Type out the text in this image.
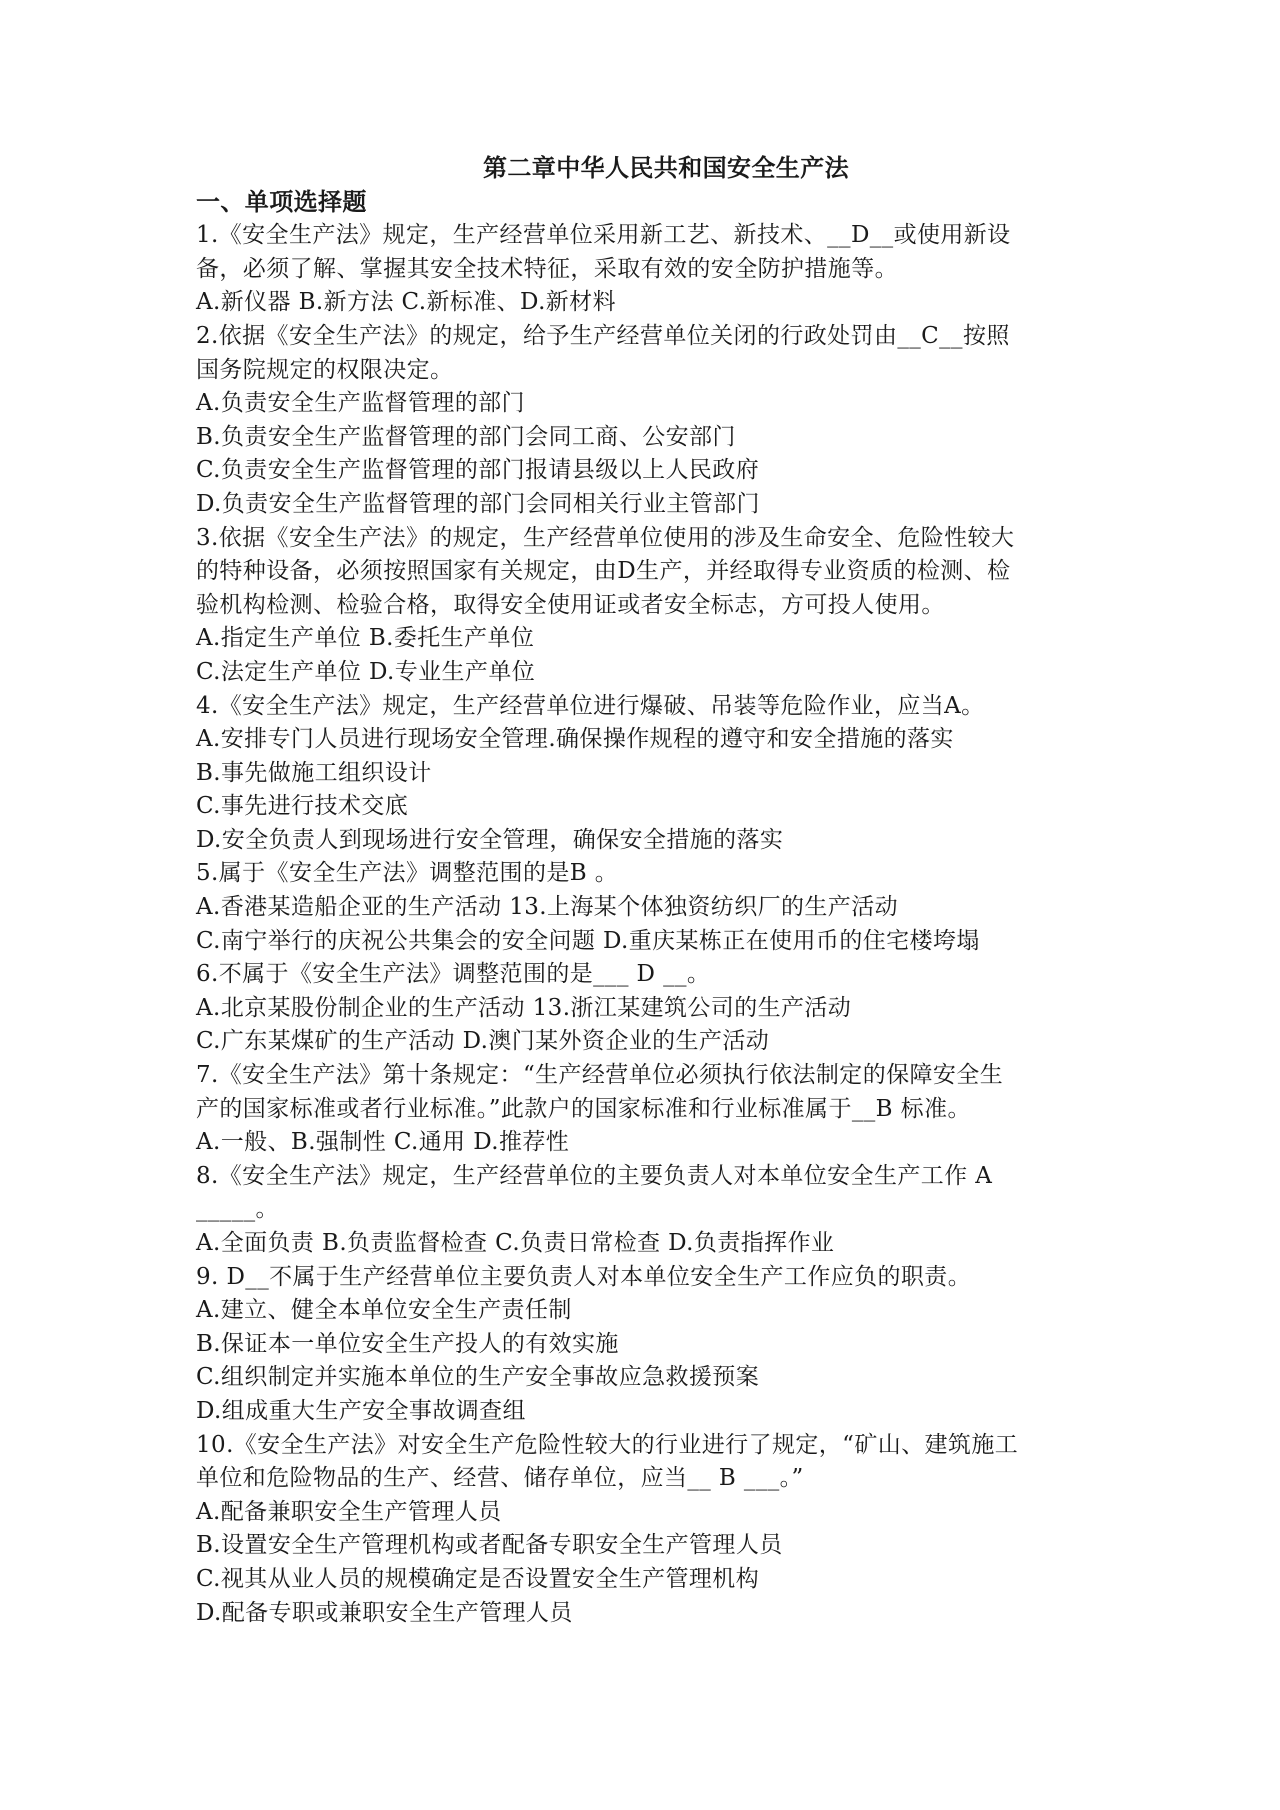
第二章中华人民共和国安全生产法

一、单项选择题

1.《安全生产法》规定，生产经营单位采用新工艺、新技术、__D__或使用新设

备，必须了解、掌握其安全技术特征，采取有效的安全防护措施等。

A.新仪器 B.新方法 C.新标准、D.新材料

2.依据《安全生产法》的规定，给予生产经营单位关闭的行政处罚由__C__按照

国务院规定的权限决定。

A.负责安全生产监督管理的部门

B.负责安全生产监督管理的部门会同工商、公安部门

C.负责安全生产监督管理的部门报请县级以上人民政府

D.负责安全生产监督管理的部门会同相关行业主管部门

3.依据《安全生产法》的规定，生产经营单位使用的涉及生命安全、危险性较大

的特种设备，必须按照国家有关规定，由D生产，并经取得专业资质的检测、检

验机构检测、检验合格，取得安全使用证或者安全标志，方可投人使用。

A.指定生产单位 B.委托生产单位

C.法定生产单位 D.专业生产单位

4.《安全生产法》规定，生产经营单位进行爆破、吊装等危险作业，应当A。

A.安排专门人员进行现场安全管理.确保操作规程的遵守和安全措施的落实

B.事先做施工组织设计

C.事先进行技术交底

D.安全负责人到现场进行安全管理，确保安全措施的落实

5.属于《安全生产法》调整范围的是B 。

A.香港某造船企亚的生产活动 13.上海某个体独资纺织厂的生产活动

C.南宁举行的庆祝公共集会的安全问题 D.重庆某栋正在使用币的住宅楼垮塌

6.不属于《安全生产法》调整范围的是___ D __。

A.北京某股份制企业的生产活动 13.浙江某建筑公司的生产活动

C.广东某煤矿的生产活动 D.澳门某外资企业的生产活动

7.《安全生产法》第十条规定：“生产经营单位必须执行依法制定的保障安全生

产的国家标准或者行业标准。”此款户的国家标准和行业标准属于__B 标准。

A.一般、B.强制性 C.通用 D.推荐性

8.《安全生产法》规定，生产经营单位的主要负责人对本单位安全生产工作 A

_____。

A.全面负责 B.负责监督检查 C.负责日常检查 D.负责指挥作业

9. D__不属于生产经营单位主要负责人对本单位安全生产工作应负的职责。

A.建立、健全本单位安全生产责任制

B.保证本一单位安全生产投人的有效实施

C.组织制定并实施本单位的生产安全事故应急救援预案

D.组成重大生产安全事故调查组

10.《安全生产法》对安全生产危险性较大的行业进行了规定，“矿山、建筑施工

单位和危险物品的生产、经营、储存单位，应当__ B ___。”

A.配备兼职安全生产管理人员

B.设置安全生产管理机构或者配备专职安全生产管理人员

C.视其从业人员的规模确定是否设置安全生产管理机构

D.配备专职或兼职安全生产管理人员
